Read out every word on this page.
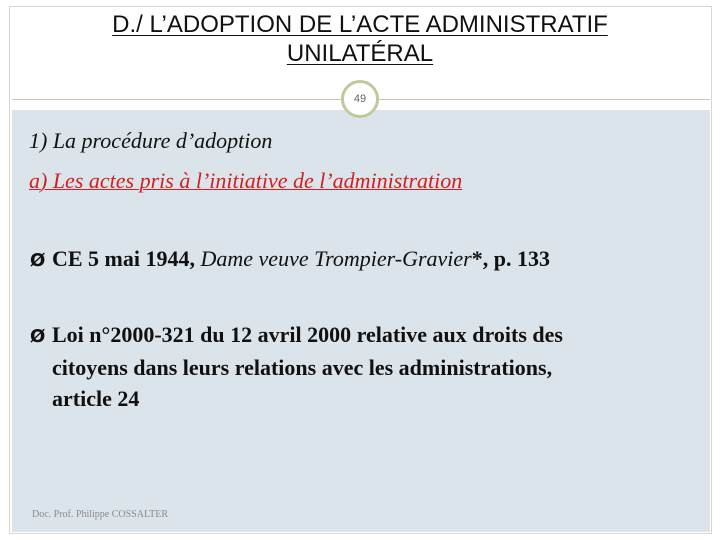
D./ L’ADOPTION DE L’ACTE ADMINISTRATIF
UNILATÉRAL
49
1) La procédure d’adoption
a) Les actes pris à l’initiative de l’administration
Ø CE 5 mai 1944, Dame veuve Trompier-Gravier*, p. 133
Ø Loi n°2000-321 du 12 avril 2000 relative aux droits des
citoyens dans leurs relations avec les administrations,
article 24
Doc. Prof. Philippe COSSALTER
